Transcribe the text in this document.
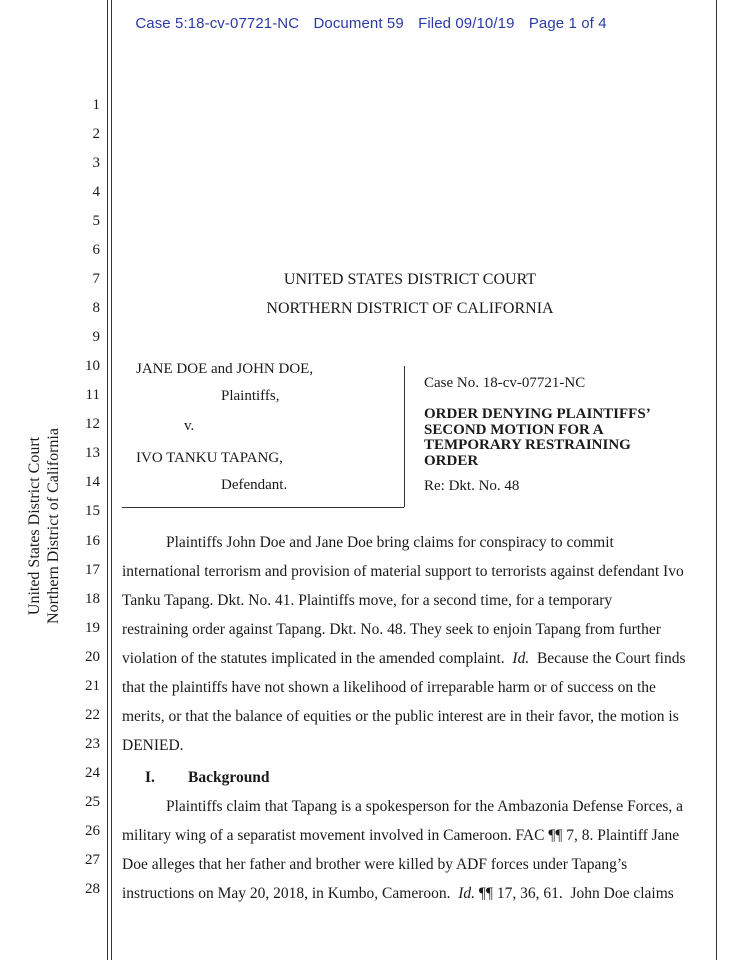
Case 5:18-cv-07721-NC Document 59 Filed 09/10/19 Page 1 of 4
1
2
3
4
5
6
7
8
9
10
11
12
13
14
15
16
17
18
19
20
21
22
23
24
25
26
27
28
United States District Court Northern District of California
UNITED STATES DISTRICT COURT
NORTHERN DISTRICT OF CALIFORNIA
JANE DOE and JOHN DOE,
Plaintiffs,
v.
IVO TANKU TAPANG,
Defendant.
Case No. 18-cv-07721-NC
ORDER DENYING PLAINTIFFS’
SECOND MOTION FOR A
TEMPORARY RESTRAINING
ORDER
Re: Dkt. No. 48
Plaintiffs John Doe and Jane Doe bring claims for conspiracy to commit
international terrorism and provision of material support to terrorists against defendant Ivo
Tanku Tapang. Dkt. No. 41. Plaintiffs move, for a second time, for a temporary
restraining order against Tapang. Dkt. No. 48. They seek to enjoin Tapang from further
violation of the statutes implicated in the amended complaint.  Id.  Because the Court finds
that the plaintiffs have not shown a likelihood of irreparable harm or of success on the
merits, or that the balance of equities or the public interest are in their favor, the motion is
DENIED.
I. Background
Plaintiffs claim that Tapang is a spokesperson for the Ambazonia Defense Forces, a
military wing of a separatist movement involved in Cameroon. FAC ¶¶ 7, 8. Plaintiff Jane
Doe alleges that her father and brother were killed by ADF forces under Tapang’s
instructions on May 20, 2018, in Kumbo, Cameroon.  Id. ¶¶ 17, 36, 61.  John Doe claims
